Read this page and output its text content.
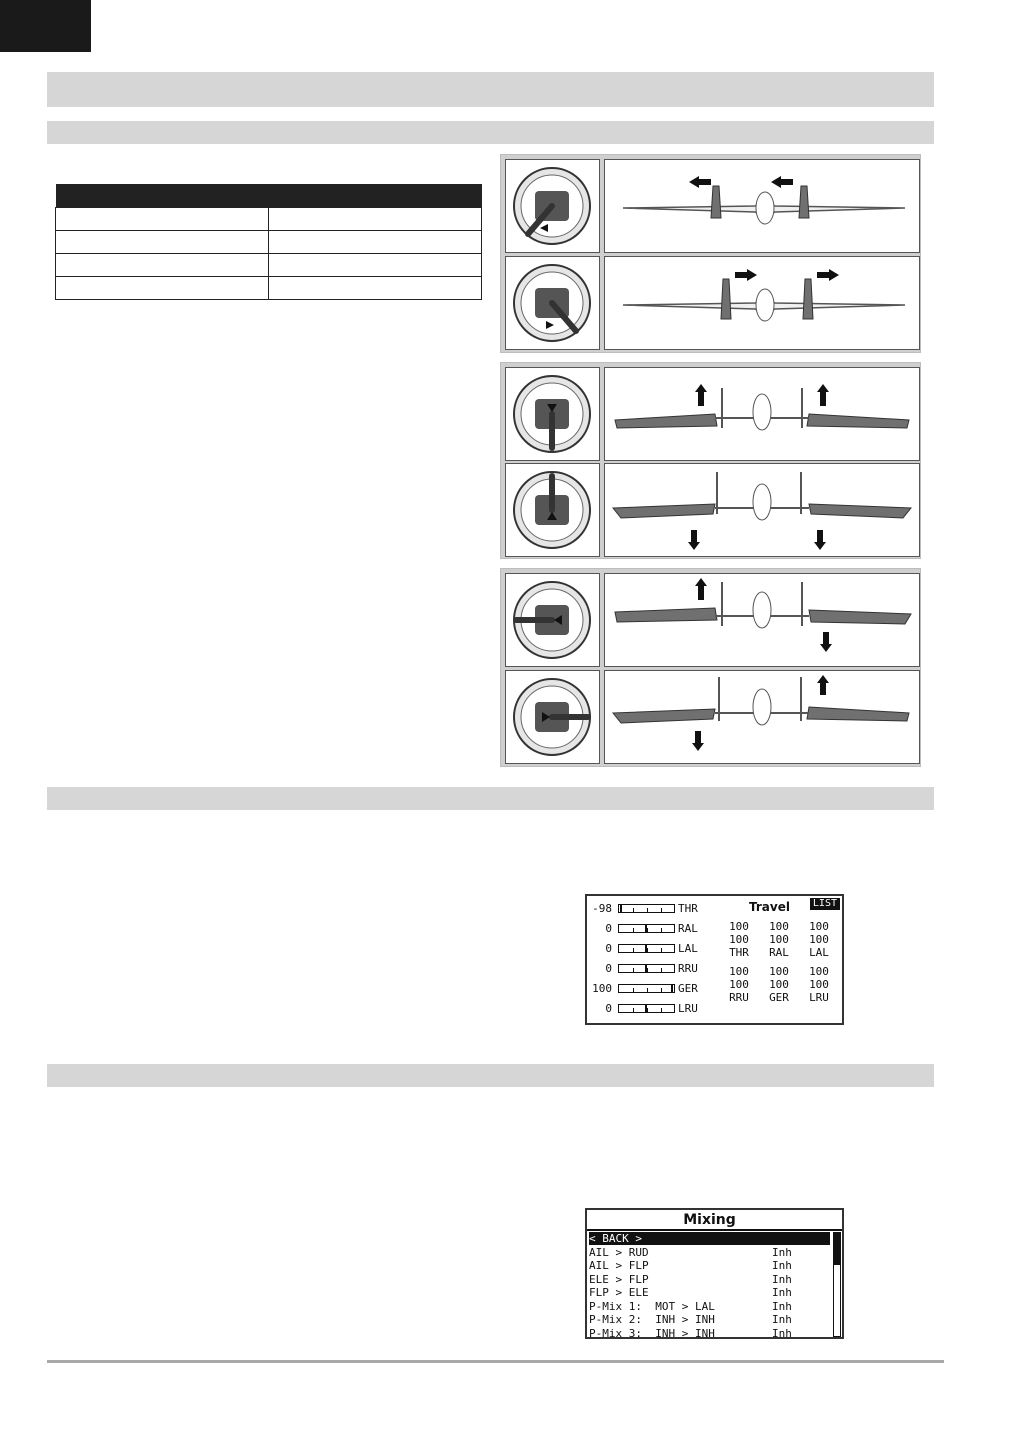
Travel	LIST
-98	THR
0	RAL
0	LAL
0	RRU
100	GER
0	LRU
100	100	100
100	100	100
THR	RAL	LAL
100	100	100
100	100	100
RRU	GER	LRU
Mixing
< BACK >
AIL > RUD	Inh
AIL > FLP	Inh
ELE > FLP	Inh
FLP > ELE	Inh
P-Mix 1:  MOT > LAL	Inh
P-Mix 2:  INH > INH	Inh
P-Mix 3:  INH > INH	Inh
